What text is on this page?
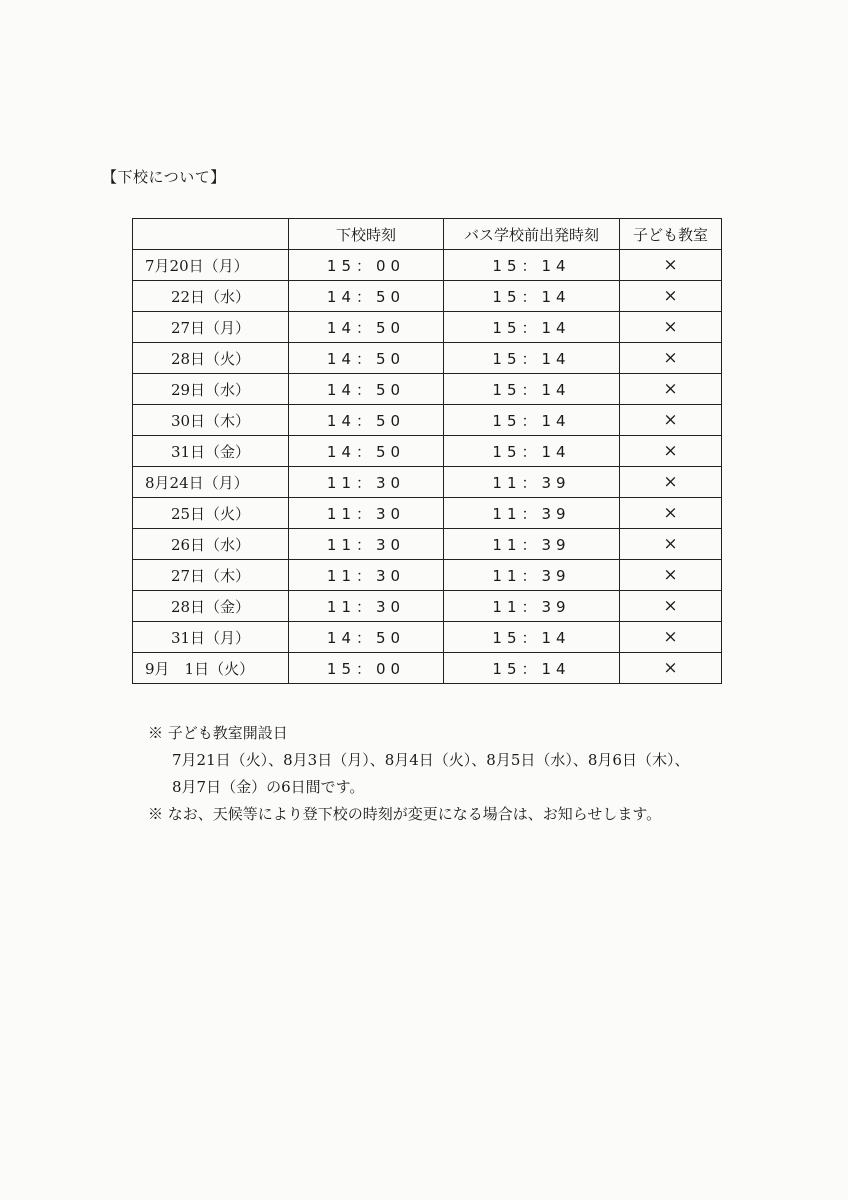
【下校について】
	下校時刻	バス学校前出発時刻	子ども教室
7月20日（月）	15：00	15：14	×
22日（水）	14：50	15：14	×
27日（月）	14：50	15：14	×
28日（火）	14：50	15：14	×
29日（水）	14：50	15：14	×
30日（木）	14：50	15：14	×
31日（金）	14：50	15：14	×
8月24日（月）	11：30	11：39	×
25日（火）	11：30	11：39	×
26日（水）	11：30	11：39	×
27日（木）	11：30	11：39	×
28日（金）	11：30	11：39	×
31日（月）	14：50	15：14	×
9月　1日（火）	15：00	15：14	×
※ 子ども教室開設日
7月21日（火）、8月3日（月）、8月4日（火）、8月5日（水）、8月6日（木）、
8月7日（金）の6日間です。
※ なお、天候等により登下校の時刻が変更になる場合は、お知らせします。
